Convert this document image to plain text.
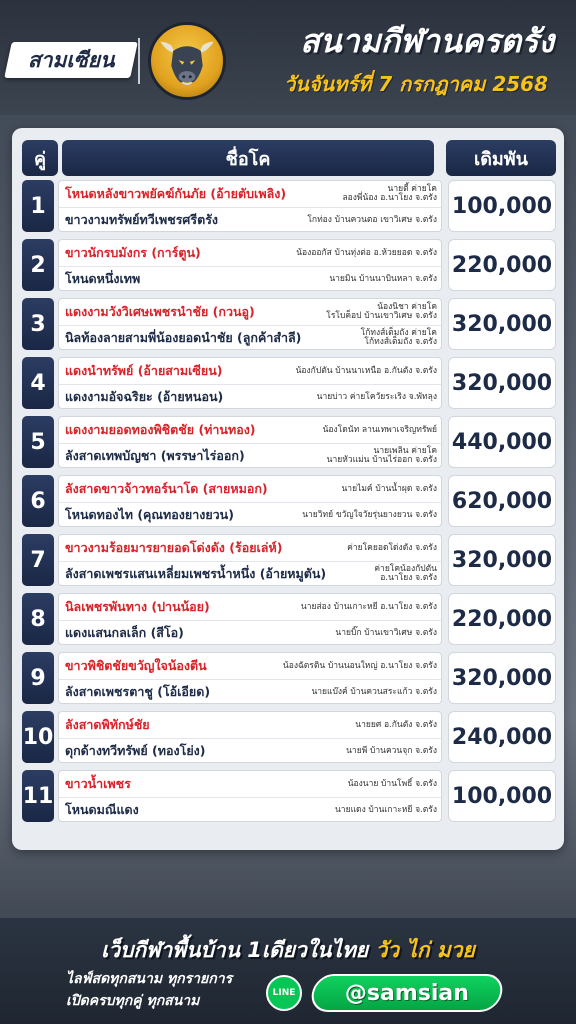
สามเซียน	สนามกีฬานครตรัง
วันจันทร์ที่ 7 กรกฎาคม 2568
คู่	ชื่อโค	เดิมพัน
1	โหนดหลังขาวพยัคฆ์กันภัย (อ้ายตับเพลิง)	นายตี้ ค่ายโค
ลองพี่น้อง อ.นาโยง จ.ตรัง
ขาวงามทรัพย์ทวีเพชรศรีตรัง	โกท่อง บ้านควนตอ เขาวิเศษ จ.ตรัง
100,000
2	ขาวนักรบมังกร (การ์ตูน)	น้องออกัส บ้านทุ่งต่อ อ.ห้วยยอด จ.ตรัง
โหนดหนึ่งเทพ	นายมิน บ้านนาบินหลา จ.ตรัง
220,000
3	แดงงามวังวิเศษเพชรนำชัย (กวนอู)	น้องนิชา ค่ายโค
โรโบค็อป บ้านเขาวิเศษ จ.ตรัง
นิลท้องลายสามพี่น้องยอดนำชัย (ลูกค้าสำลี)	โก้ทงส์เต็มถัง ค่ายโค
โก้ทงส์เต็มถัง จ.ตรัง
320,000
4	แดงนำทรัพย์ (อ้ายสามเซียน)	น้องกัปตัน บ้านนาเหนือ อ.กันตัง จ.ตรัง
แดงงามอัจฉริยะ (อ้ายหนอน)	นายบ่าว ค่ายโควัยระเริง จ.พัทลุง
320,000
5	แดงงามยอดทองพิชิตชัย (ท่านทอง)	น้องโดนัท ลานเทพาเจริญทรัพย์
ลังสาดเทพบัญชา (พรรษาไร่ออก)	นายเพลิน ค่ายโค
นายหัวแม่น บ้านไร่ออก จ.ตรัง
440,000
6	ลังสาดขาวจ้าวทอร์นาโด (สายหมอก)	นายไมค์ บ้านน้ำผุด จ.ตรัง
โหนดทองไท (คุณทองยางยวน)	นายวิทย์ ขวัญใจวัยรุ่นยางยวน จ.ตรัง
620,000
7	ขาวงามร้อยมารยายอดโด่งดัง (ร้อยเล่ห์)	ค่ายโคยอดโด่งดัง จ.ตรัง
ลังสาดเพชรแสนเหลี่ยมเพชรน้ำหนึ่ง (อ้ายหมูตัน)	ค่ายโคน้องกัปตัน
อ.นาโยง จ.ตรัง
320,000
8	นิลเพชรพันทาง (ปานน้อย)	นายส่อง บ้านเกาะหยี อ.นาโยง จ.ตรัง
แดงแสนกลเล็ก (สีโอ)	นายบิ๊ก บ้านเขาวิเศษ จ.ตรัง
220,000
9	ขาวพิชิตชัยขวัญใจน้องตีน	น้องฉัตรติน บ้านนอนใหญ่ อ.นาโยง จ.ตรัง
ลังสาดเพชรตาชู (โอ้เอียด)	นายแบ๊งค์ บ้านควนสระแก้ว จ.ตรัง
320,000
10 ลังสาดพิทักษ์ชัย	นายยศ อ.กันตัง จ.ตรัง
ดุกด้างทวีทรัพย์ (ทองโย่ง)	นายพี บ้านควนจุก จ.ตรัง
240,000
11 ขาวน้ำเพชร	น้องนาย บ้านโพธิ์ จ.ตรัง
โหนดมณีแดง	นายแดง บ้านเกาะหยี จ.ตรัง
100,000
เว็บกีฬาพื้นบ้าน 1เดียวในไทย วัว ไก่ มวย
ไลฟ์สดทุกสนาม ทุกรายการ
เปิดครบทุกคู่ ทุกสนาม	LINE	@samsian
